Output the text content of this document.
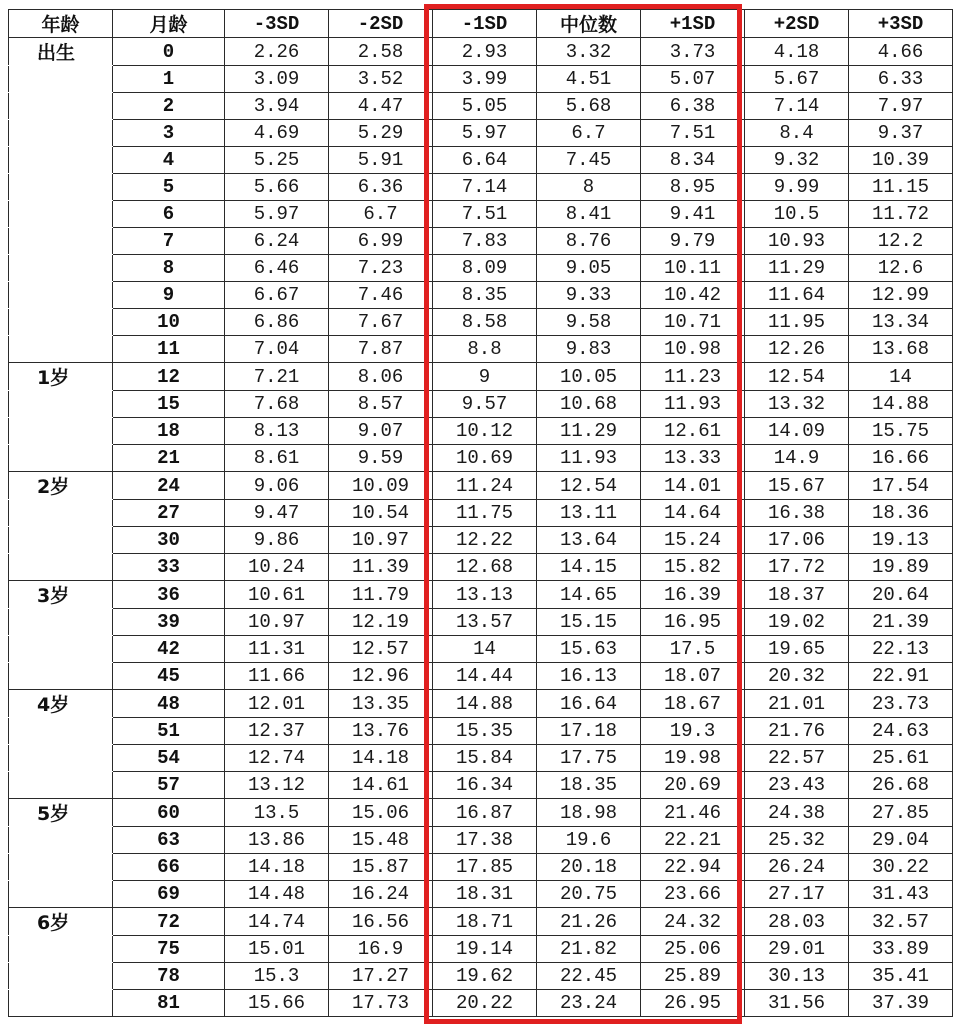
年龄	月龄	-3SD	-2SD	-1SD	中位数	+1SD	+2SD	+3SD
出生	0	2.26	2.58	2.93	3.32	3.73	4.18	4.66
	1	3.09	3.52	3.99	4.51	5.07	5.67	6.33
	2	3.94	4.47	5.05	5.68	6.38	7.14	7.97
	3	4.69	5.29	5.97	6.7	7.51	8.4	9.37
	4	5.25	5.91	6.64	7.45	8.34	9.32	10.39
	5	5.66	6.36	7.14	8	8.95	9.99	11.15
	6	5.97	6.7	7.51	8.41	9.41	10.5	11.72
	7	6.24	6.99	7.83	8.76	9.79	10.93	12.2
	8	6.46	7.23	8.09	9.05	10.11	11.29	12.6
	9	6.67	7.46	8.35	9.33	10.42	11.64	12.99
	10	6.86	7.67	8.58	9.58	10.71	11.95	13.34
	11	7.04	7.87	8.8	9.83	10.98	12.26	13.68
1岁	12	7.21	8.06	9	10.05	11.23	12.54	14
	15	7.68	8.57	9.57	10.68	11.93	13.32	14.88
	18	8.13	9.07	10.12	11.29	12.61	14.09	15.75
	21	8.61	9.59	10.69	11.93	13.33	14.9	16.66
2岁	24	9.06	10.09	11.24	12.54	14.01	15.67	17.54
	27	9.47	10.54	11.75	13.11	14.64	16.38	18.36
	30	9.86	10.97	12.22	13.64	15.24	17.06	19.13
	33	10.24	11.39	12.68	14.15	15.82	17.72	19.89
3岁	36	10.61	11.79	13.13	14.65	16.39	18.37	20.64
	39	10.97	12.19	13.57	15.15	16.95	19.02	21.39
	42	11.31	12.57	14	15.63	17.5	19.65	22.13
	45	11.66	12.96	14.44	16.13	18.07	20.32	22.91
4岁	48	12.01	13.35	14.88	16.64	18.67	21.01	23.73
	51	12.37	13.76	15.35	17.18	19.3	21.76	24.63
	54	12.74	14.18	15.84	17.75	19.98	22.57	25.61
	57	13.12	14.61	16.34	18.35	20.69	23.43	26.68
5岁	60	13.5	15.06	16.87	18.98	21.46	24.38	27.85
	63	13.86	15.48	17.38	19.6	22.21	25.32	29.04
	66	14.18	15.87	17.85	20.18	22.94	26.24	30.22
	69	14.48	16.24	18.31	20.75	23.66	27.17	31.43
6岁	72	14.74	16.56	18.71	21.26	24.32	28.03	32.57
	75	15.01	16.9	19.14	21.82	25.06	29.01	33.89
	78	15.3	17.27	19.62	22.45	25.89	30.13	35.41
	81	15.66	17.73	20.22	23.24	26.95	31.56	37.39
